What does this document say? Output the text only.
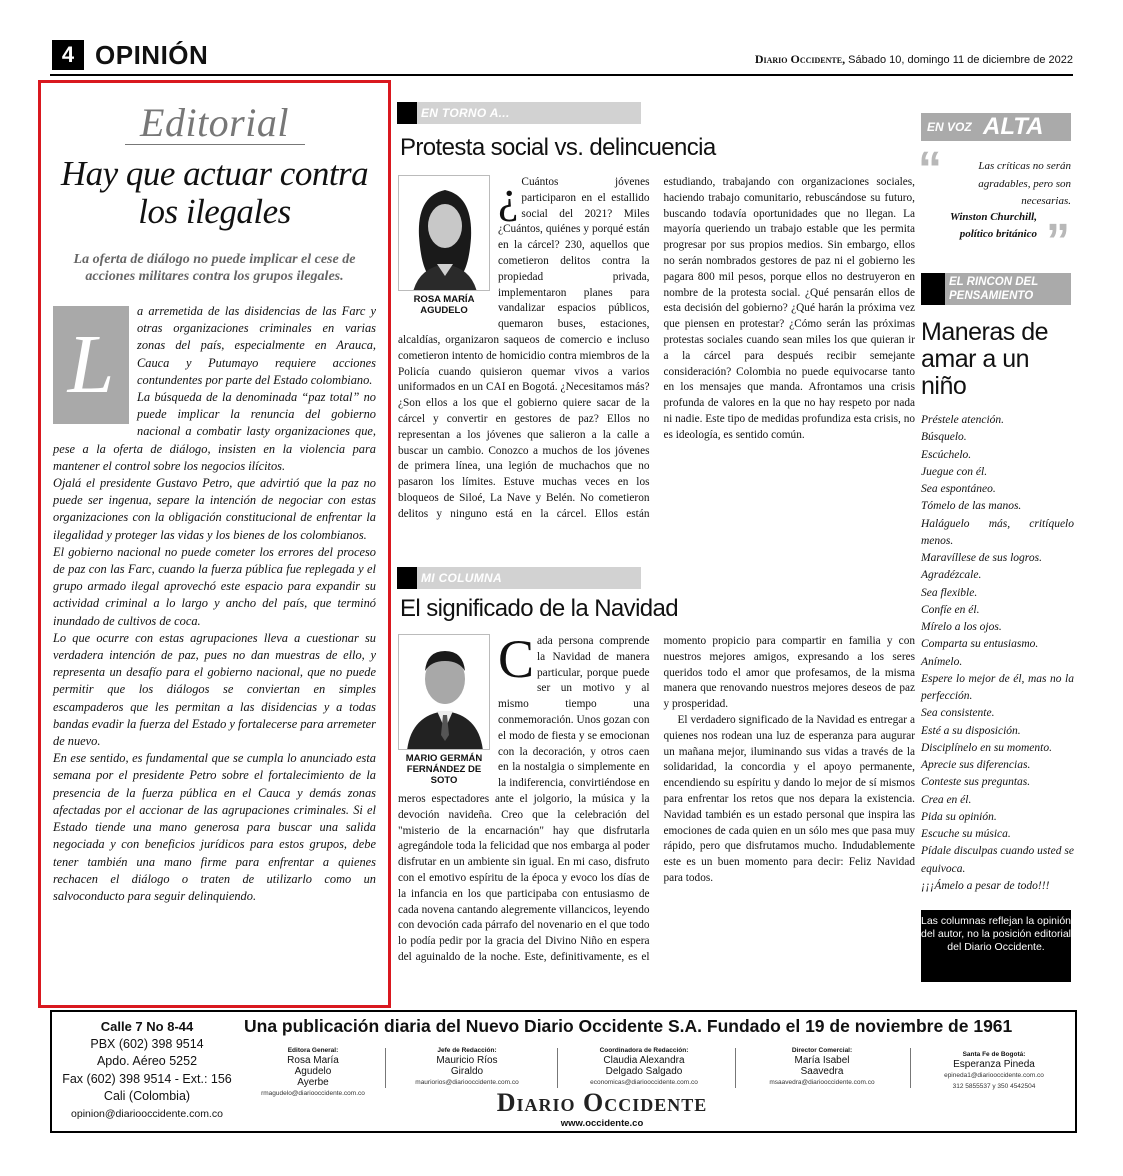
4 OPINIÓN	Diario Occidente, Sábado 10, domingo 11 de diciembre de 2022
Editorial
Hay que actuar contra los ilegales
La oferta de diálogo no puede implicar el cese de acciones militares contra los grupos ilegales.
L

a arremetida de las disidencias de las Farc y otras organizaciones criminales en varias zonas del país, especialmente en Arauca, Cauca y Putumayo requiere acciones contundentes por parte del Estado colombiano.

La búsqueda de la denominada “paz total” no puede implicar la renuncia del gobierno nacional a combatir lasty organizaciones que, pese a la oferta de diálogo, insisten en la violencia para mantener el control sobre los negocios ilícitos.

Ojalá el presidente Gustavo Petro, que advirtió que la paz no puede ser ingenua, separe la intención de negociar con estas organizaciones con la obligación constitucional de enfrentar la ilegalidad y proteger las vidas y los bienes de los colombianos.

El gobierno nacional no puede cometer los errores del proceso de paz con las Farc, cuando la fuerza pública fue replegada y el grupo armado ilegal aprovechó este espacio para expandir su actividad criminal a lo largo y ancho del país, que terminó inundado de cultivos de coca.

Lo que ocurre con estas agrupaciones lleva a cuestionar su verdadera intención de paz, pues no dan muestras de ello, y representa un desafío para el gobierno nacional, que no puede permitir que los diálogos se conviertan en simples escampaderos que les permitan a las disidencias y a todas bandas evadir la fuerza del Estado y fortalecerse para arremeter de nuevo.

En ese sentido, es fundamental que se cumpla lo anunciado esta semana por el presidente Petro sobre el fortalecimiento de la presencia de la fuerza pública en el Cauca y demás zonas afectadas por el accionar de las agrupaciones criminales. Si el Estado tiende una mano generosa para buscar una salida negociada y con beneficios jurídicos para estos grupos, debe tener también una mano firme para enfrentar a quienes rechacen el diálogo o traten de utilizarlo como un salvoconducto para seguir delinquiendo.

EN TORNO A...
Protesta social vs. delincuencia
ROSA MARÍA AGUDELO
¿ Cuántos jóvenes participaron en el estallido social del 2021? Miles ¿Cuántos, quiénes y porqué están en la cárcel? 230, aquellos que cometieron delitos contra la propiedad privada, implementaron planes para vandalizar espacios públicos, quemaron buses, estaciones, alcaldías, organizaron saqueos de comercio e incluso cometieron intento de homicidio contra miembros de la Policía cuando quisieron quemar vivos a varios uniformados en un CAI en Bogotá. ¿Necesitamos más? ¿Son ellos a los que el gobierno quiere sacar de la cárcel y convertir en gestores de paz? Ellos no representan a los jóvenes que salieron a la calle a buscar un cambio. Conozco a muchos de los jóvenes de primera línea, una legión de muchachos que no pasaron los límites. Estuve muchas veces en los bloqueos de Siloé, La Nave y Belén. No cometieron delitos y ninguno está en la cárcel. Ellos están estudiando, trabajando con organizaciones sociales, haciendo trabajo comunitario, rebuscándose su futuro, buscando todavía oportunidades que no llegan. La mayoría queriendo un trabajo estable que les permita progresar por sus propios medios. Sin embargo, ellos no serán nombrados gestores de paz ni el gobierno les pagara 800 mil pesos, porque ellos no destruyeron en nombre de la protesta social. ¿Qué pensarán ellos de esta decisión del gobierno? ¿Qué harán la próxima vez que piensen en protestar? ¿Cómo serán las próximas protestas sociales cuando sean miles los que quieran ir a la cárcel para después recibir semejante consideración? Colombia no puede equivocarse tanto en los mensajes que manda. Afrontamos una crisis profunda de valores en la que no hay respeto por nada ni nadie. Este tipo de medidas profundiza esta crisis, no es ideología, es sentido común.

MI COLUMNA
El significado de la Navidad
MARIO GERMÁN FERNÁNDEZ DE SOTO
C ada persona comprende la Navidad de manera particular, porque puede ser un motivo y al mismo tiempo una conmemoración. Unos gozan con el modo de fiesta y se emocionan con la decoración, y otros caen en la nostalgia o simplemente en la indiferencia, convirtiéndose en meros espectadores ante el jolgorio, la música y la devoción navideña. Creo que la celebración del "misterio de la encarnación" hay que disfrutarla agregándole toda la felicidad que nos embarga al poder disfrutar en un ambiente sin igual. En mi caso, disfruto con el emotivo espíritu de la época y evoco los días de la infancia en los que participaba con entusiasmo de cada novena cantando alegremente villancicos, leyendo con devoción cada párrafo del novenario en el que todo lo podía pedir por la gracia del Divino Niño en espera del aguinaldo de la noche. Este, definitivamente, es el momento propicio para compartir en familia y con nuestros mejores amigos, expresando a los seres queridos todo el amor que profesamos, de la misma manera que renovando nuestros mejores deseos de paz y prosperidad.

El verdadero significado de la Navidad es entregar a quienes nos rodean una luz de esperanza para augurar un mañana mejor, iluminando sus vidas a través de la solidaridad, la concordia y el apoyo permanente, encendiendo su espíritu y dando lo mejor de sí mismos para enfrentar los retos que nos depara la existencia. Navidad también es un estado personal que inspira las emociones de cada quien en un sólo mes que pasa muy rápido, pero que disfrutamos mucho. Indudablemente este es un buen momento para decir: Feliz Navidad para todos.

EN VOZ ALTA
“	Las críticas no serán agradables, pero son necesarias.
Winston Churchill, político británico ”
EL RINCON DEL PENSAMIENTO
Maneras de amar a un niño
Préstele atención.
Búsquelo.
Escúchelo.
Juegue con él.
Sea espontáneo.
Tómelo de las manos.
Haláguelo más, critíquelo menos.
Maravíllese de sus logros.
Agradézcale.
Sea flexible.
Confíe en él.
Mírelo a los ojos.
Comparta su entusiasmo.
Anímelo.
Espere lo mejor de él, mas no la perfección.
Sea consistente.
Esté a su disposición.
Disciplínelo en su momento.
Aprecie sus diferencias.
Conteste sus preguntas.
Crea en él.
Pida su opinión.
Escuche su música.
Pídale disculpas cuando usted se equivoca.
¡¡¡Ámelo a pesar de todo!!!
Las columnas reflejan la opinión del autor, no la posición editorial del Diario Occidente.
Calle 7 No 8-44
PBX (602) 398 9514
Apdo. Aéreo 5252
Fax (602) 398 9514 - Ext.: 156
Cali (Colombia)
opinion@diariooccidente.com.co
Una publicación diaria del Nuevo Diario Occidente S.A. Fundado el 19 de noviembre de 1961
Editora General:
Rosa María Agudelo Ayerbe
rmagudelo@diariooccidente.com.co
Jefe de Redacción:
Mauricio Ríos Giraldo
mauriorios@diariooccidente.com.co
Coordinadora de Redacción:
Claudia Alexandra Delgado Salgado
economicas@diariooccidente.com.co
Director Comercial:
María Isabel Saavedra
msaavedra@diariooccidente.com.co
Santa Fe de Bogotá:
Esperanza Pineda
epineda1@diariooccidente.com.co
312 5855537 y 350 4542504
Diario Occidente
www.occidente.co
